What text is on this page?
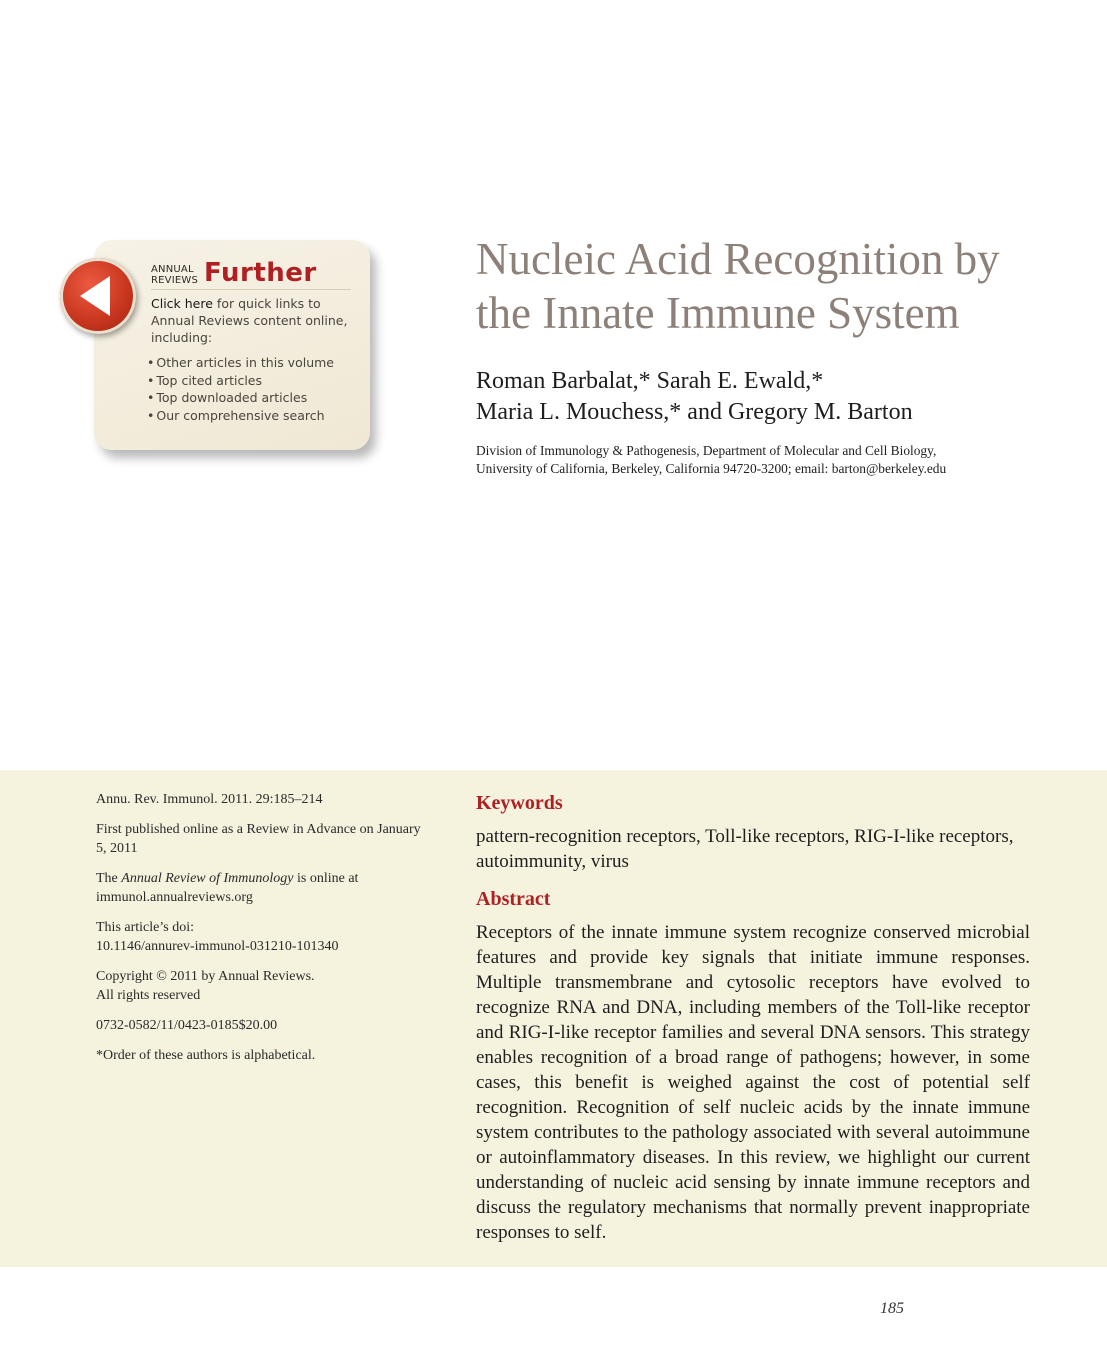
ANNUAL
REVIEWS Further
Click here for quick links to Annual Reviews content online, including:
• Other articles in this volume
• Top cited articles
• Top downloaded articles
• Our comprehensive search
Nucleic Acid Recognition by
the Innate Immune System
Roman Barbalat,* Sarah E. Ewald,*
Maria L. Mouchess,* and Gregory M. Barton
Division of Immunology & Pathogenesis, Department of Molecular and Cell Biology,
University of California, Berkeley, California 94720-3200; email: barton@berkeley.edu

Annu. Rev. Immunol. 2011. 29:185–214

First published online as a Review in Advance on January 5, 2011

The Annual Review of Immunology is online at immunol.annualreviews.org

This article’s doi:
10.1146/annurev-immunol-031210-101340

Copyright © 2011 by Annual Reviews.
All rights reserved

0732-0582/11/0423-0185$20.00

*Order of these authors is alphabetical.

Keywords
pattern-recognition receptors, Toll-like receptors, RIG-I-like receptors, autoimmunity, virus
Abstract
Receptors of the innate immune system recognize conserved microbial features and provide key signals that initiate immune responses. Multiple transmembrane and cytosolic receptors have evolved to recognize RNA and DNA, including members of the Toll-like receptor and RIG-I-like receptor families and several DNA sensors. This strategy enables recognition of a broad range of pathogens; however, in some cases, this benefit is weighed against the cost of potential self recognition. Recognition of self nucleic acids by the innate immune system contributes to the pathology associated with several autoimmune or autoinflammatory diseases. In this review, we highlight our current understanding of nucleic acid sensing by innate immune receptors and discuss the regulatory mechanisms that normally prevent inappropriate responses to self.
185
